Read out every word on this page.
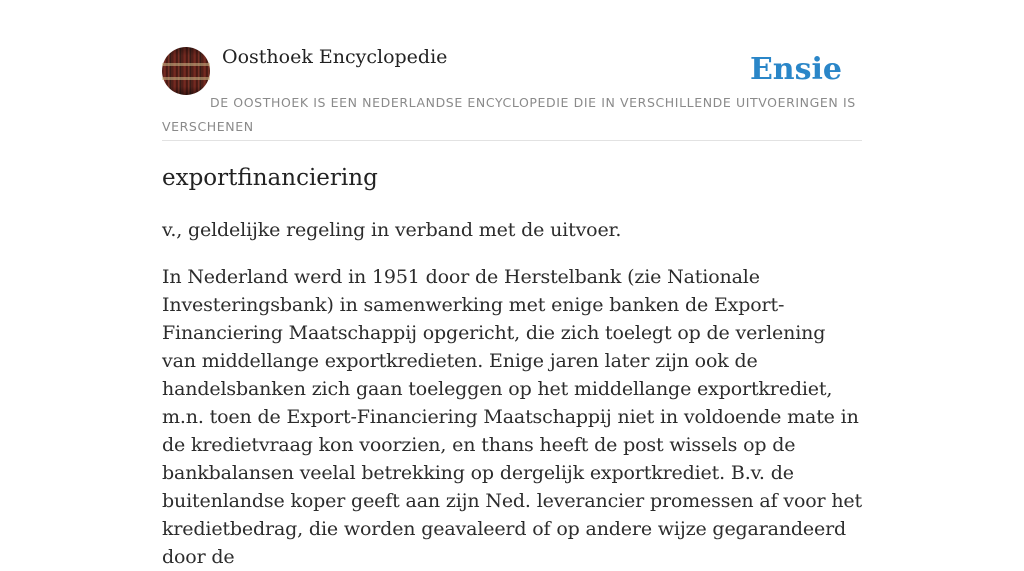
Oosthoek Encyclopedie	Ensie
DE OOSTHOEK IS EEN NEDERLANDSE ENCYCLOPEDIE DIE IN VERSCHILLENDE UITVOERINGEN IS VERSCHENEN
exportfinanciering

v., geldelijke regeling in verband met de uitvoer.

In Nederland werd in 1951 door de Herstelbank (zie Nationale Investeringsbank) in samenwerking met enige banken de Export-Financiering Maatschappij opgericht, die zich toelegt op de verlening van middellange exportkredieten. Enige jaren later zijn ook de handelsbanken zich gaan toeleggen op het middellange exportkrediet, m.n. toen de Export-Financiering Maatschappij niet in voldoende mate in de kredietvraag kon voorzien, en thans heeft de post wissels op de bankbalansen veelal betrekking op dergelijk exportkrediet. B.v. de buitenlandse koper geeft aan zijn Ned. leverancier promessen af voor het kredietbedrag, die worden geavaleerd of op andere wijze gegarandeerd door de
